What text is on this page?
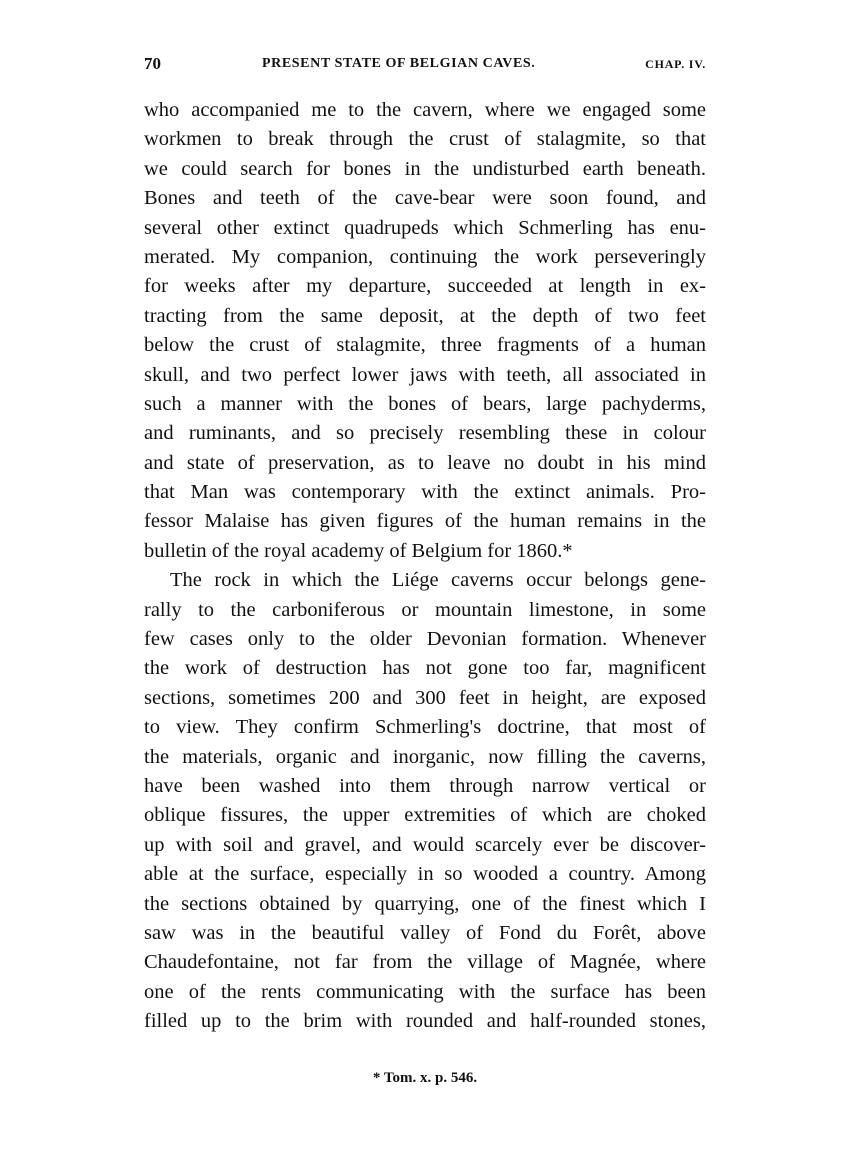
70	PRESENT STATE OF BELGIAN CAVES.	CHAP. IV.
who accompanied me to the cavern, where we engaged some
workmen to break through the crust of stalagmite, so that
we could search for bones in the undisturbed earth beneath.
Bones and teeth of the cave-bear were soon found, and
several other extinct quadrupeds which Schmerling has enu-
merated. My companion, continuing the work perseveringly
for weeks after my departure, succeeded at length in ex-
tracting from the same deposit, at the depth of two feet
below the crust of stalagmite, three fragments of a human
skull, and two perfect lower jaws with teeth, all associated in
such a manner with the bones of bears, large pachyderms,
and ruminants, and so precisely resembling these in colour
and state of preservation, as to leave no doubt in his mind
that Man was contemporary with the extinct animals. Pro-
fessor Malaise has given figures of the human remains in the
bulletin of the royal academy of Belgium for 1860.*
The rock in which the Liége caverns occur belongs gene-
rally to the carboniferous or mountain limestone, in some
few cases only to the older Devonian formation. Whenever
the work of destruction has not gone too far, magnificent
sections, sometimes 200 and 300 feet in height, are exposed
to view. They confirm Schmerling's doctrine, that most of
the materials, organic and inorganic, now filling the caverns,
have been washed into them through narrow vertical or
oblique fissures, the upper extremities of which are choked
up with soil and gravel, and would scarcely ever be discover-
able at the surface, especially in so wooded a country. Among
the sections obtained by quarrying, one of the finest which I
saw was in the beautiful valley of Fond du Forêt, above
Chaudefontaine, not far from the village of Magnée, where
one of the rents communicating with the surface has been
filled up to the brim with rounded and half-rounded stones,
* Tom. x. p. 546.
